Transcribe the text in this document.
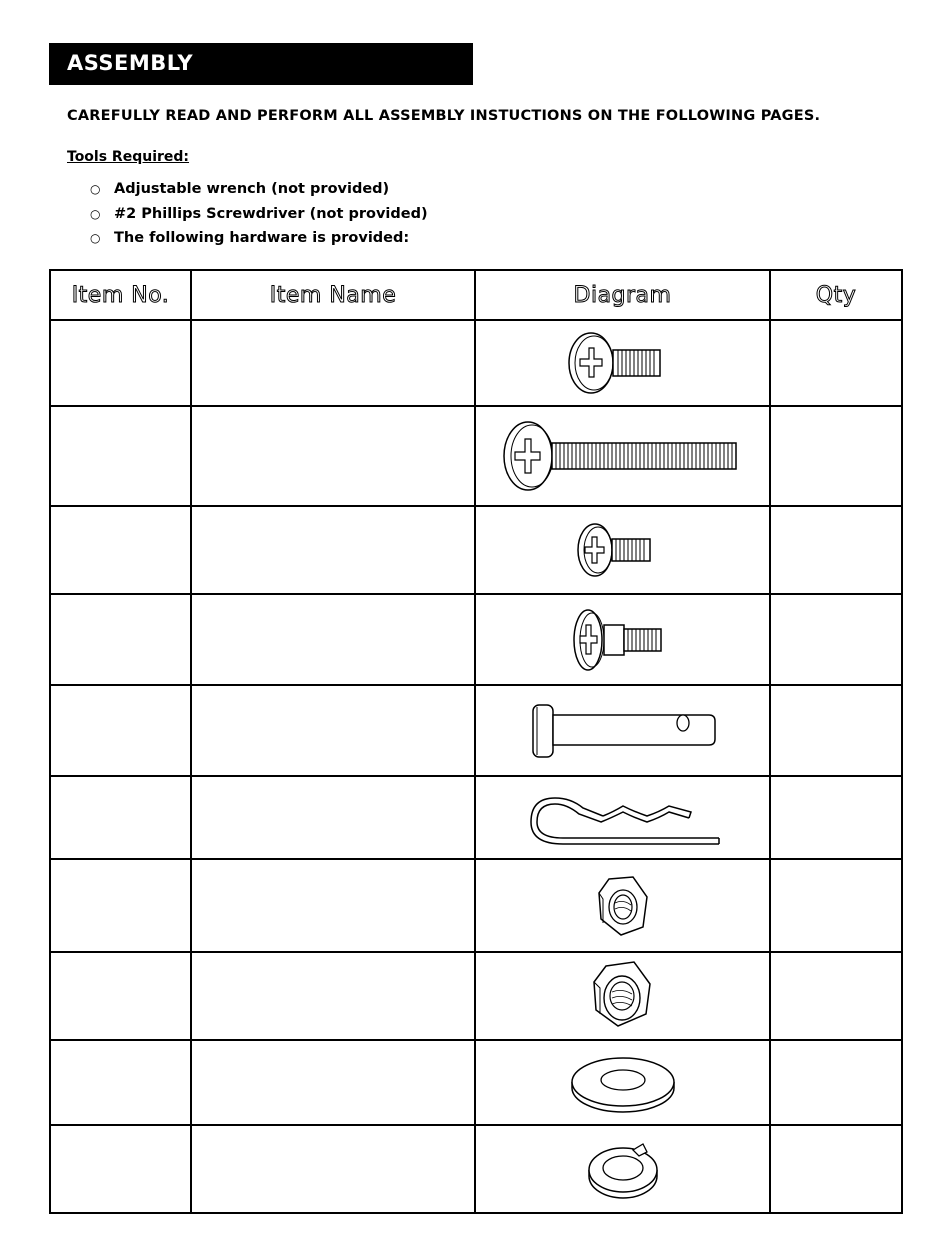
ASSEMBLY
CAREFULLY READ AND PERFORM ALL ASSEMBLY INSTUCTIONS ON THE FOLLOWING PAGES.
Tools Required:
○ Adjustable wrench (not provided)
○ #2 Phillips Screwdriver (not provided)
○ The following hardware is provided:
Item No.	Item Name	Diagram	Qty
